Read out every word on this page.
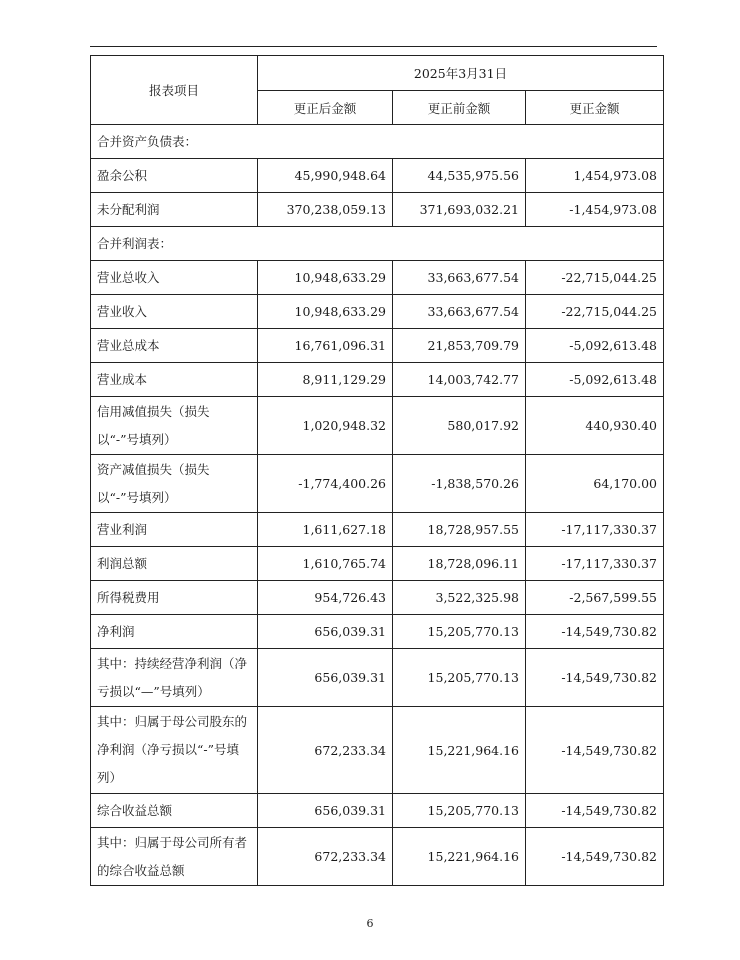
报表项目	2025年3月31日		
	更正后金额	更正前金额	更正金额
合并资产负债表：			
盈余公积	45,990,948.64	44,535,975.56	1,454,973.08
未分配利润	370,238,059.13	371,693,032.21	-1,454,973.08
合并利润表：			
营业总收入	10,948,633.29	33,663,677.54	-22,715,044.25
营业收入	10,948,633.29	33,663,677.54	-22,715,044.25
营业总成本	16,761,096.31	21,853,709.79	-5,092,613.48
营业成本	8,911,129.29	14,003,742.77	-5,092,613.48
信用减值损失（损失以“-”号填列）	1,020,948.32	580,017.92	440,930.40
资产减值损失（损失以“-”号填列）	-1,774,400.26	-1,838,570.26	64,170.00
营业利润	1,611,627.18	18,728,957.55	-17,117,330.37
利润总额	1,610,765.74	18,728,096.11	-17,117,330.37
所得税费用	954,726.43	3,522,325.98	-2,567,599.55
净利润	656,039.31	15,205,770.13	-14,549,730.82
其中：持续经营净利润（净亏损以“—”号填列）	656,039.31	15,205,770.13	-14,549,730.82
其中：归属于母公司股东的净利润（净亏损以“-”号填列）	672,233.34	15,221,964.16	-14,549,730.82
综合收益总额	656,039.31	15,205,770.13	-14,549,730.82
其中：归属于母公司所有者的综合收益总额	672,233.34	15,221,964.16	-14,549,730.82
6
